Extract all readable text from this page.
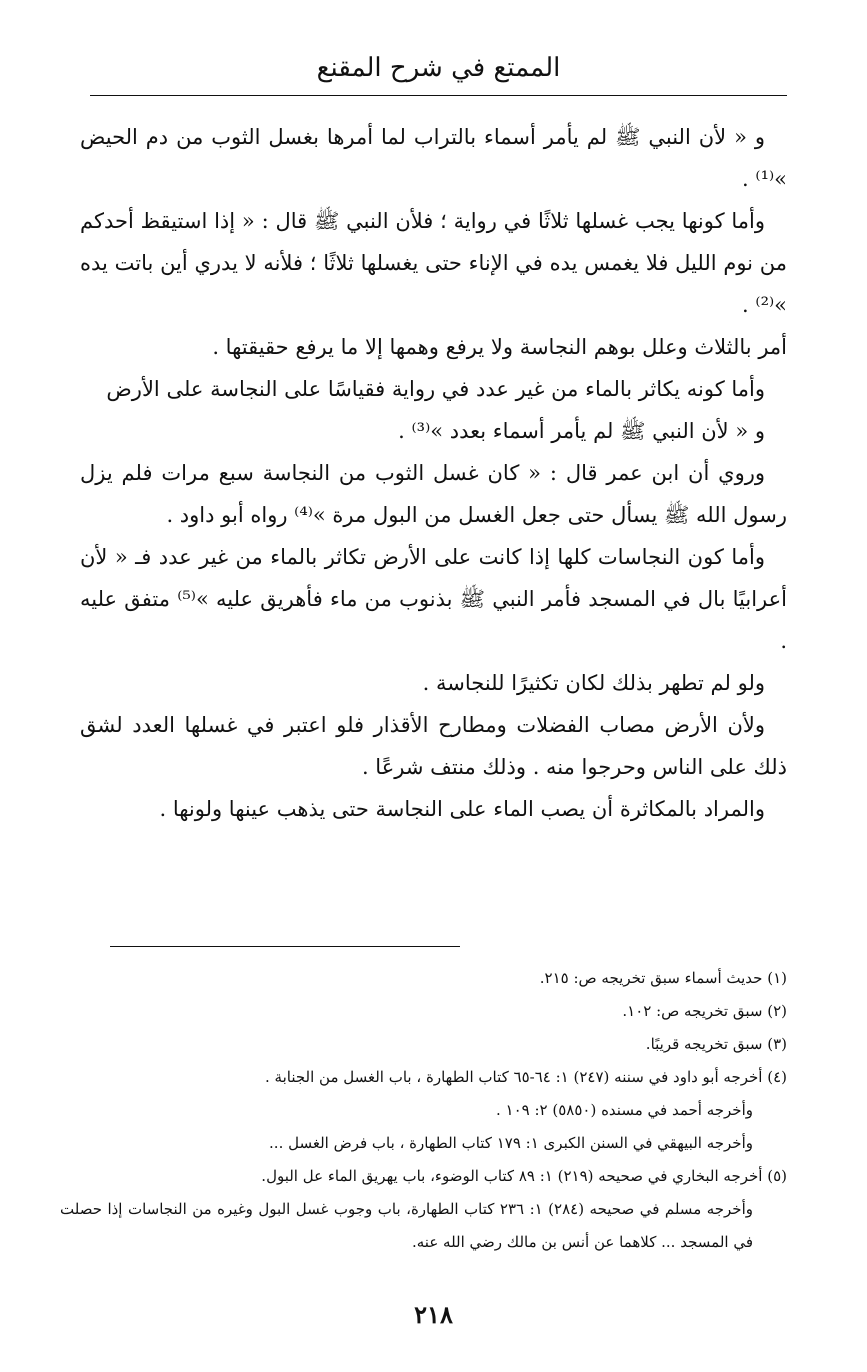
الممتع في شرح المقنع

و « لأن النبي ﷺ لم يأمر أسماء بالتراب لما أمرها بغسل الثوب من دم الحيض »⁽¹⁾ .

وأما كونها يجب غسلها ثلاثًا في رواية ؛ فلأن النبي ﷺ قال : « إذا استيقظ أحدكم من نوم الليل فلا يغمس يده في الإناء حتى يغسلها ثلاثًا ؛ فلأنه لا يدري أين باتت يده »⁽²⁾ .

أمر بالثلاث وعلل بوهم النجاسة ولا يرفع وهمها إلا ما يرفع حقيقتها .

وأما كونه يكاثر بالماء من غير عدد في رواية فقياسًا على النجاسة على الأرض

و « لأن النبي ﷺ لم يأمر أسماء بعدد »⁽³⁾ .

وروي أن ابن عمر قال : « كان غسل الثوب من النجاسة سبع مرات فلم يزل رسول الله ﷺ يسأل حتى جعل الغسل من البول مرة »⁽⁴⁾ رواه أبو داود .

وأما كون النجاسات كلها إذا كانت على الأرض تكاثر بالماء من غير عدد فـ « لأن أعرابيًا بال في المسجد فأمر النبي ﷺ بذنوب من ماء فأهريق عليه »⁽⁵⁾ متفق عليه .

ولو لم تطهر بذلك لكان تكثيرًا للنجاسة .

ولأن الأرض مصاب الفضلات ومطارح الأقذار فلو اعتبر في غسلها العدد لشق ذلك على الناس وحرجوا منه . وذلك منتف شرعًا .

والمراد بالمكاثرة أن يصب الماء على النجاسة حتى يذهب عينها ولونها .

(١) حديث أسماء سبق تخريجه ص: ٢١٥.

(٢) سبق تخريجه ص: ١٠٢.

(٣) سبق تخريجه قريبًا.

(٤) أخرجه أبو داود في سننه (٢٤٧) ١: ٦٤-٦٥ كتاب الطهارة ، باب الغسل من الجنابة .

وأخرجه أحمد في مسنده (٥٨٥٠) ٢: ١٠٩ .

وأخرجه البيهقي في السنن الكبرى ١: ١٧٩ كتاب الطهارة ، باب فرض الغسل ...

(٥) أخرجه البخاري في صحيحه (٢١٩) ١: ٨٩ كتاب الوضوء، باب يهريق الماء عل البول.

وأخرجه مسلم في صحيحه (٢٨٤) ١: ٢٣٦ كتاب الطهارة، باب وجوب غسل البول وغيره من النجاسات إذا حصلت في المسجد ... كلاهما عن أنس بن مالك رضي الله عنه.

٢١٨
